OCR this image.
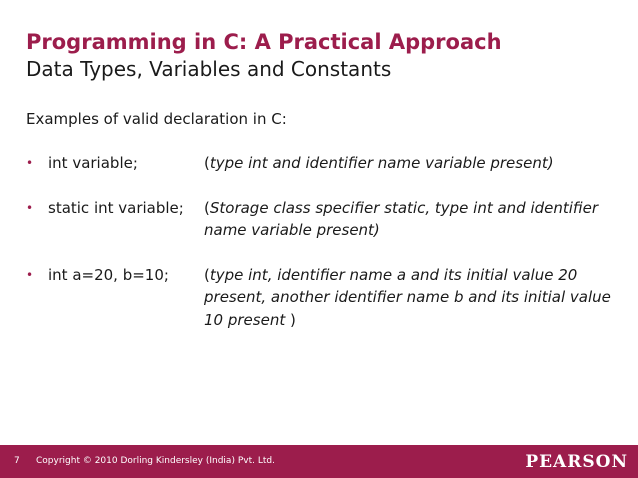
Programming in C: A Practical Approach
Data Types, Variables and Constants
Examples of valid declaration in C:
• int variable;	(type int and identifier name variable present)
• static int variable;	(Storage class specifier static, type int and identifier name variable present)
• int a=20, b=10;	(type int, identifier name a and its initial value 20 present, another identifier name b and its initial value 10 present )
7 Copyright © 2010 Dorling Kindersley (India) Pvt. Ltd.	PEARSON
